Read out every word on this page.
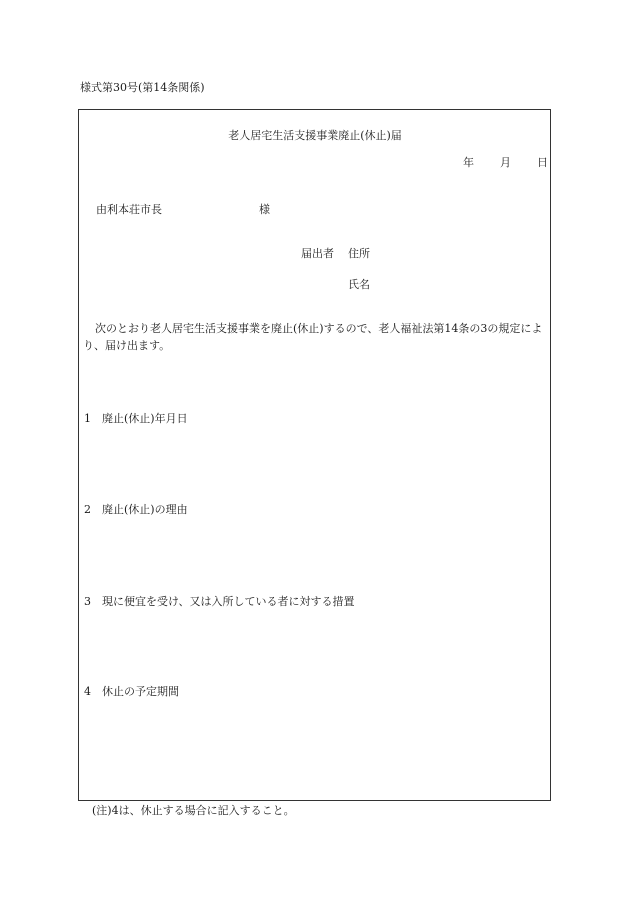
様式第30号(第14条関係)
老人居宅生活支援事業廃止(休止)届
年 月 日
由利本荘市長	様
届出者 住所
氏名

次のとおり老人居宅生活支援事業を廃止(休止)するので、老人福祉法第14条の3の規定により、届け出ます。

1 廃止(休止)年月日
2 廃止(休止)の理由
3 現に便宜を受け、又は入所している者に対する措置
4 休止の予定期間
(注)4は、休止する場合に記入すること。
